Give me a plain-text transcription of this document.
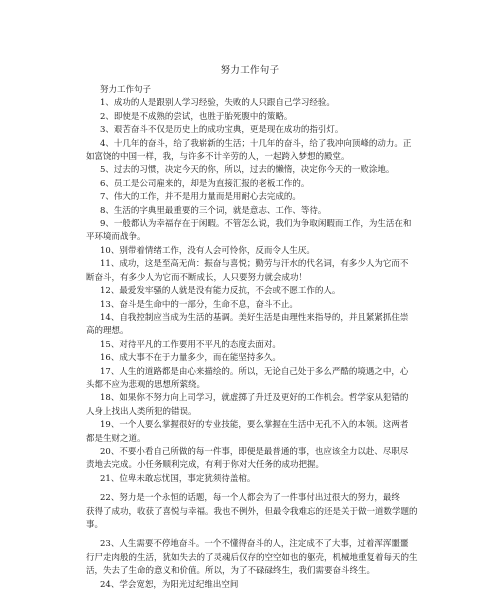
努力工作句子
努力工作句子
1、成功的人是跟别人学习经验，失败的人只跟自己学习经验。
2、即使是不成熟的尝试，也胜于胎死腹中的策略。
3、艰苦奋斗不仅是历史上的成功宝典，更是现在成功的指引灯。
4、十几年的奋斗，给了我崭新的生活；十几年的奋斗，给了我冲向顶峰的动力。正
如富饶的中国一样，我，与许多不计辛劳的人，一起跨入梦想的殿堂。
5、过去的习惯，决定今天的你，所以，过去的懒惰，决定你今天的一败涂地。
6、员工是公司雇来的，却是为直接汇报的老板工作的。
7、伟大的工作，并不是用力量而是用耐心去完成的。
8、生活的字典里最重要的三个词，就是意志、工作、等待。
9、一般都认为幸福存在于闲暇。不管怎么说，我们为争取闲暇而工作，为生活在和
平环境而战争。
10、别带着情绪工作，没有人会可怜你，反而令人生厌。
11、成功，这是至高无尚：振奋与喜悦；勤劳与汗水的代名词，有多少人为它而不
断奋斗，有多少人为它而不断成长，人只要努力就会成功！
12、最爱发牢骚的人就是没有能力反抗，不会或不愿工作的人。
13、奋斗是生命中的一部分，生命不息，奋斗不止。
14、自我控制应当成为生活的基调。美好生活是由理性来指导的，并且紧紧抓住崇
高的理想。
15、对待平凡的工作要用不平凡的态度去面对。
16、成大事不在于力量多少，而在能坚持多久。
17、人生的道路都是由心来描绘的。所以，无论自己处于多么严酷的境遇之中，心
头都不应为悲观的思想所萦绕。
18、如果你不努力向上司学习，就虚掷了升迁及更好的工作机会。哲学家从犯错的
人身上找出人类所犯的错误。
19、一个人要么掌握很好的专业技能，要么掌握在生活中无孔不入的本领。这两者
都是生财之道。
20、不要小看自己所做的每一件事，即便是最普通的事，也应该全力以赴、尽职尽
责地去完成。小任务顺利完成，有利于你对大任务的成功把握。
21、位卑未敢忘忧国，事定犹须待盖棺。
22、努力是一个永恒的话题，每一个人都会为了一件事付出过很大的努力，最终
获得了成功，收获了喜悦与幸福。我也不例外，但最令我难忘的还是关于做一道数学题的
事。
23、人生需要不停地奋斗。一个不懂得奋斗的人，注定成不了大事，过着浑浑噩噩
行尸走肉般的生活，犹如失去的了灵魂后仅存的空空如也的躯壳，机械地重复着每天的生
活，失去了生命的意义和价值。所以，为了不碌碌终生，我们需要奋斗终生。
24、学会宽恕，为阳光过纪维出空间
